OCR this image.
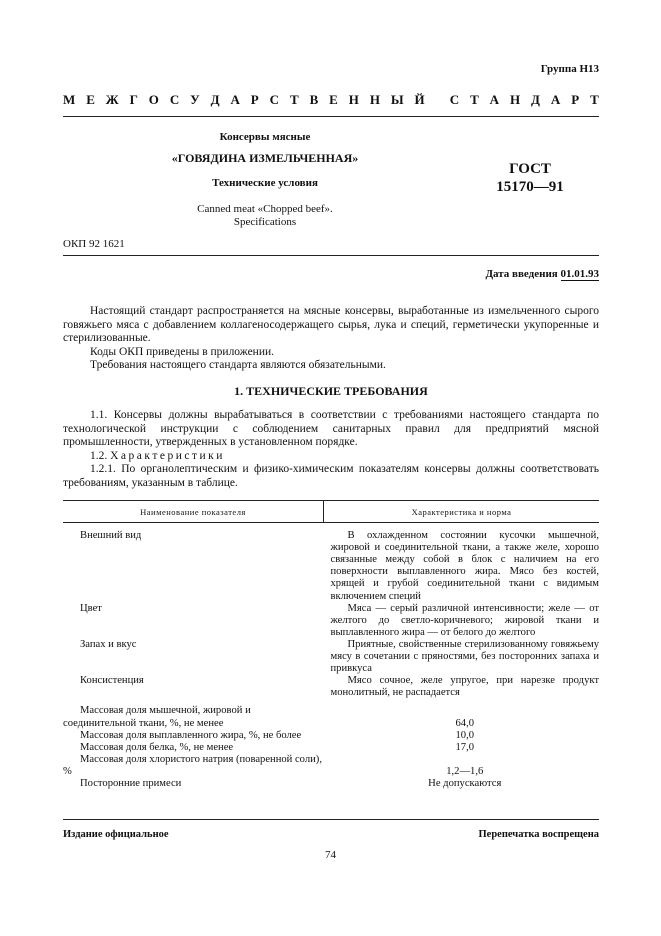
Группа Н13
М Е Ж Г О С У Д А Р С Т В Е Н Н Ы Й
С Т А Н Д А Р Т
Консервы мясные
«ГОВЯДИНА ИЗМЕЛЬЧЕННАЯ»
Технические условия
Canned meat «Chopped beef».
Specifications
ГОСТ
15170—91
ОКП 92 1621
Дата введения 01.01.93

Настоящий стандарт распространяется на мясные консервы, выработанные из измельченного сырого говяжьего мяса с добавлением коллагеносодержащего сырья, лука и специй, герметически укупоренные и стерилизованные.

Коды ОКП приведены в приложении.

Требования настоящего стандарта являются обязательными.

1. ТЕХНИЧЕСКИЕ ТРЕБОВАНИЯ

1.1. Консервы должны вырабатываться в соответствии с требованиями настоящего стандарта по технологической инструкции с соблюдением санитарных правил для предприятий мясной промышленности, утвержденных в установленном порядке.

1.2. Характеристики

1.2.1. По органолептическим и физико-химическим показателям консервы должны соответствовать требованиям, указанным в таблице.

Наименование показателя	Характеристика и норма
Внешний вид	В охлажденном состоянии кусочки мышечной, жировой и соединительной ткани, а также желе, хорошо связанные между собой в блок с наличием на его поверхности выплавленного жира. Мясо без костей, хрящей и грубой соединительной ткани с видимым включением специй
Цвет	Мяса — серый различной интенсивности; желе — от желтого до светло-коричневого; жировой ткани и выплавленного жира — от белого до желтого
Запах и вкус	Приятные, свойственные стерилизованному говяжьему мясу в сочетании с пряностями, без посторонних запаха и привкуса
Консистенция	Мясо сочное, желе упругое, при нарезке продукт монолитный, не распадается
Массовая доля мышечной, жировой и соединительной ткани, %, не менее	64,0
Массовая доля выплавленного жира, %, не более	10,0
Массовая доля белка, %, не менее	17,0
Массовая доля хлористого натрия (поваренной соли), %	1,2—1,6
Посторонние примеси	Не допускаются
Издание официальное	Перепечатка воспрещена
74
